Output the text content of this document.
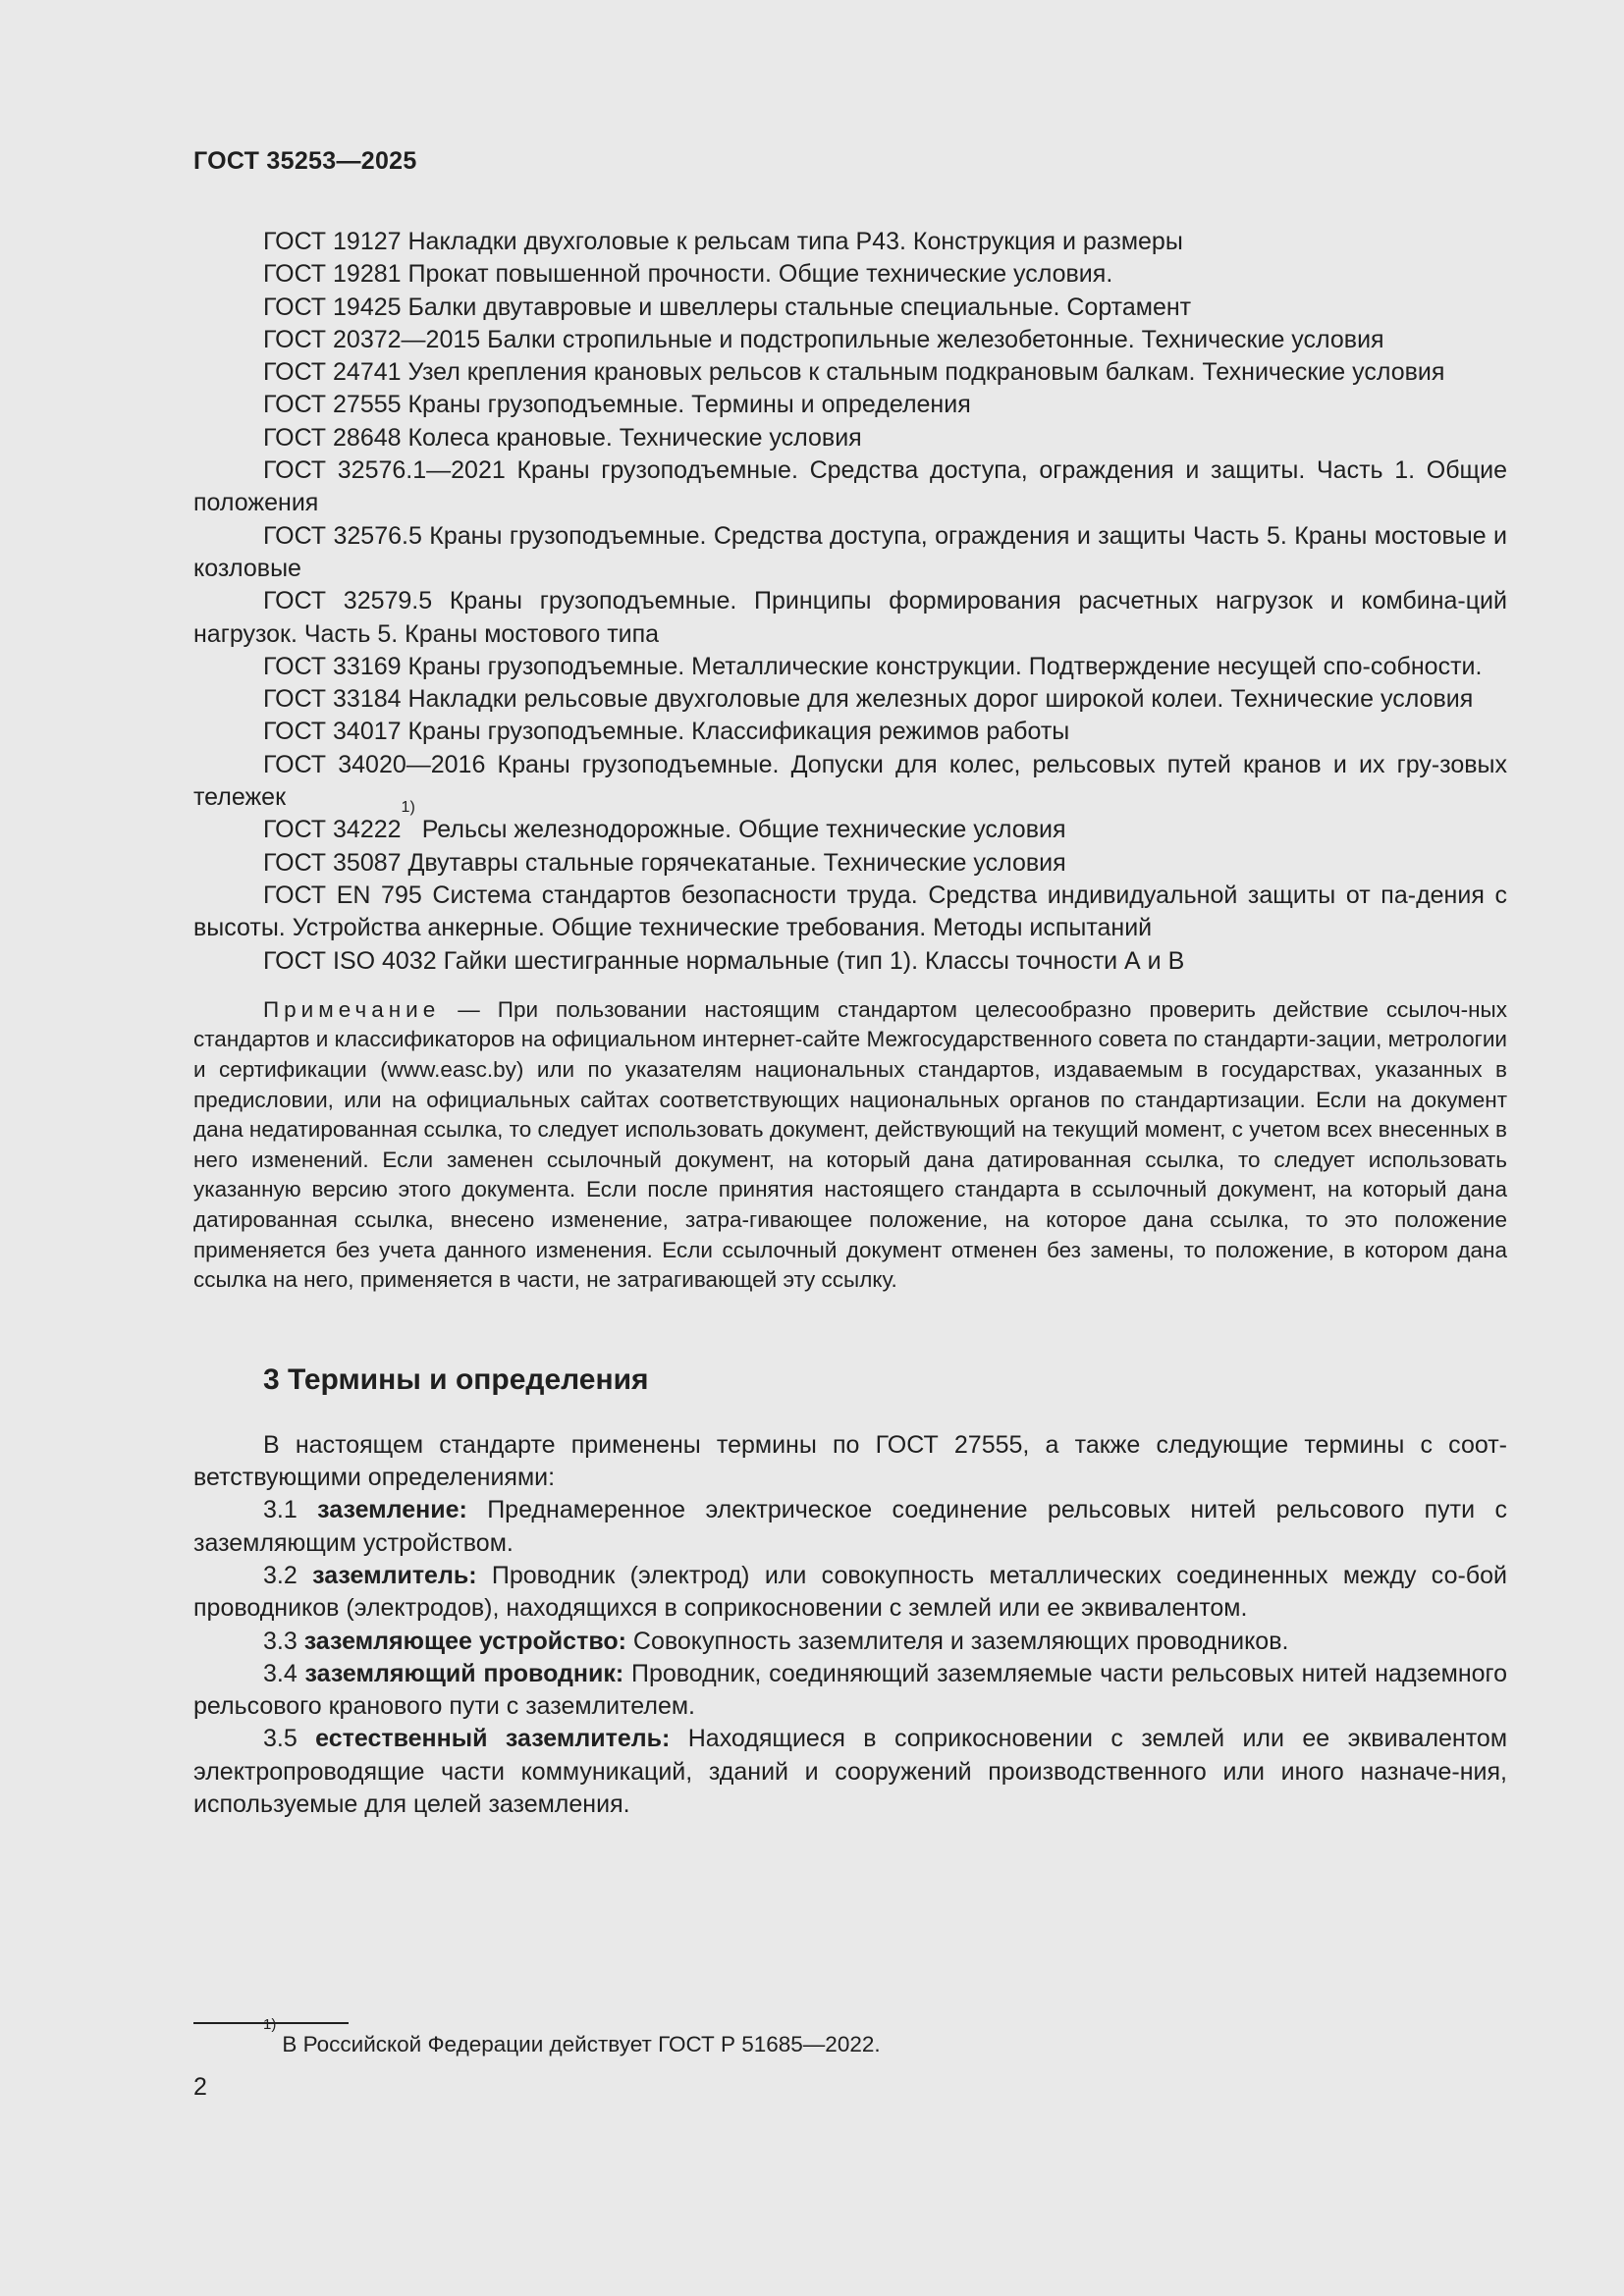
ГОСТ 35253—2025

ГОСТ 19127 Накладки двухголовые к рельсам типа Р43. Конструкция и размеры

ГОСТ 19281 Прокат повышенной прочности. Общие технические условия.

ГОСТ 19425 Балки двутавровые и швеллеры стальные специальные. Сортамент

ГОСТ 20372—2015 Балки стропильные и подстропильные железобетонные. Технические условия

ГОСТ 24741 Узел крепления крановых рельсов к стальным подкрановым балкам. Технические условия

ГОСТ 27555 Краны грузоподъемные. Термины и определения

ГОСТ 28648 Колеса крановые. Технические условия

ГОСТ 32576.1—2021 Краны грузоподъемные. Средства доступа, ограждения и защиты. Часть 1. Общие положения

ГОСТ 32576.5 Краны грузоподъемные. Средства доступа, ограждения и защиты Часть 5. Краны мостовые и козловые

ГОСТ 32579.5 Краны грузоподъемные. Принципы формирования расчетных нагрузок и комбина-ций нагрузок. Часть 5. Краны мостового типа

ГОСТ 33169 Краны грузоподъемные. Металлические конструкции. Подтверждение несущей спо-собности.

ГОСТ 33184 Накладки рельсовые двухголовые для железных дорог широкой колеи. Технические условия

ГОСТ 34017 Краны грузоподъемные. Классификация режимов работы

ГОСТ 34020—2016 Краны грузоподъемные. Допуски для колес, рельсовых путей кранов и их гру-зовых тележек

ГОСТ 34222$^{1)}$ Рельсы железнодорожные. Общие технические условия

ГОСТ 35087 Двутавры стальные горячекатаные. Технические условия

ГОСТ EN 795 Система стандартов безопасности труда. Средства индивидуальной защиты от па-дения с высоты. Устройства анкерные. Общие технические требования. Методы испытаний

ГОСТ ISO 4032 Гайки шестигранные нормальные (тип 1). Классы точности А и В

Примечание — При пользовании настоящим стандартом целесообразно проверить действие ссылоч-ных стандартов и классификаторов на официальном интернет-сайте Межгосударственного совета по стандарти-зации, метрологии и сертификации (www.easc.by) или по указателям национальных стандартов, издаваемым в государствах, указанных в предисловии, или на официальных сайтах соответствующих национальных органов по стандартизации. Если на документ дана недатированная ссылка, то следует использовать документ, действующий на текущий момент, с учетом всех внесенных в него изменений. Если заменен ссылочный документ, на который дана датированная ссылка, то следует использовать указанную версию этого документа. Если после принятия настоящего стандарта в ссылочный документ, на который дана датированная ссылка, внесено изменение, затра-гивающее положение, на которое дана ссылка, то это положение применяется без учета данного изменения. Если ссылочный документ отменен без замены, то положение, в котором дана ссылка на него, применяется в части, не затрагивающей эту ссылку.

3 Термины и определения

В настоящем стандарте применены термины по ГОСТ 27555, а также следующие термины с соот-ветствующими определениями:

3.1 заземление: Преднамеренное электрическое соединение рельсовых нитей рельсового пути с заземляющим устройством.

3.2 заземлитель: Проводник (электрод) или совокупность металлических соединенных между со-бой проводников (электродов), находящихся в соприкосновении с землей или ее эквивалентом.

3.3 заземляющее устройство: Совокупность заземлителя и заземляющих проводников.

3.4 заземляющий проводник: Проводник, соединяющий заземляемые части рельсовых нитей надземного рельсового кранового пути с заземлителем.

3.5 естественный заземлитель: Находящиеся в соприкосновении с землей или ее эквивалентом электропроводящие части коммуникаций, зданий и сооружений производственного или иного назначе-ния, используемые для целей заземления.

$^{1)}$В Российской Федерации действует ГОСТ Р 51685—2022.
2
